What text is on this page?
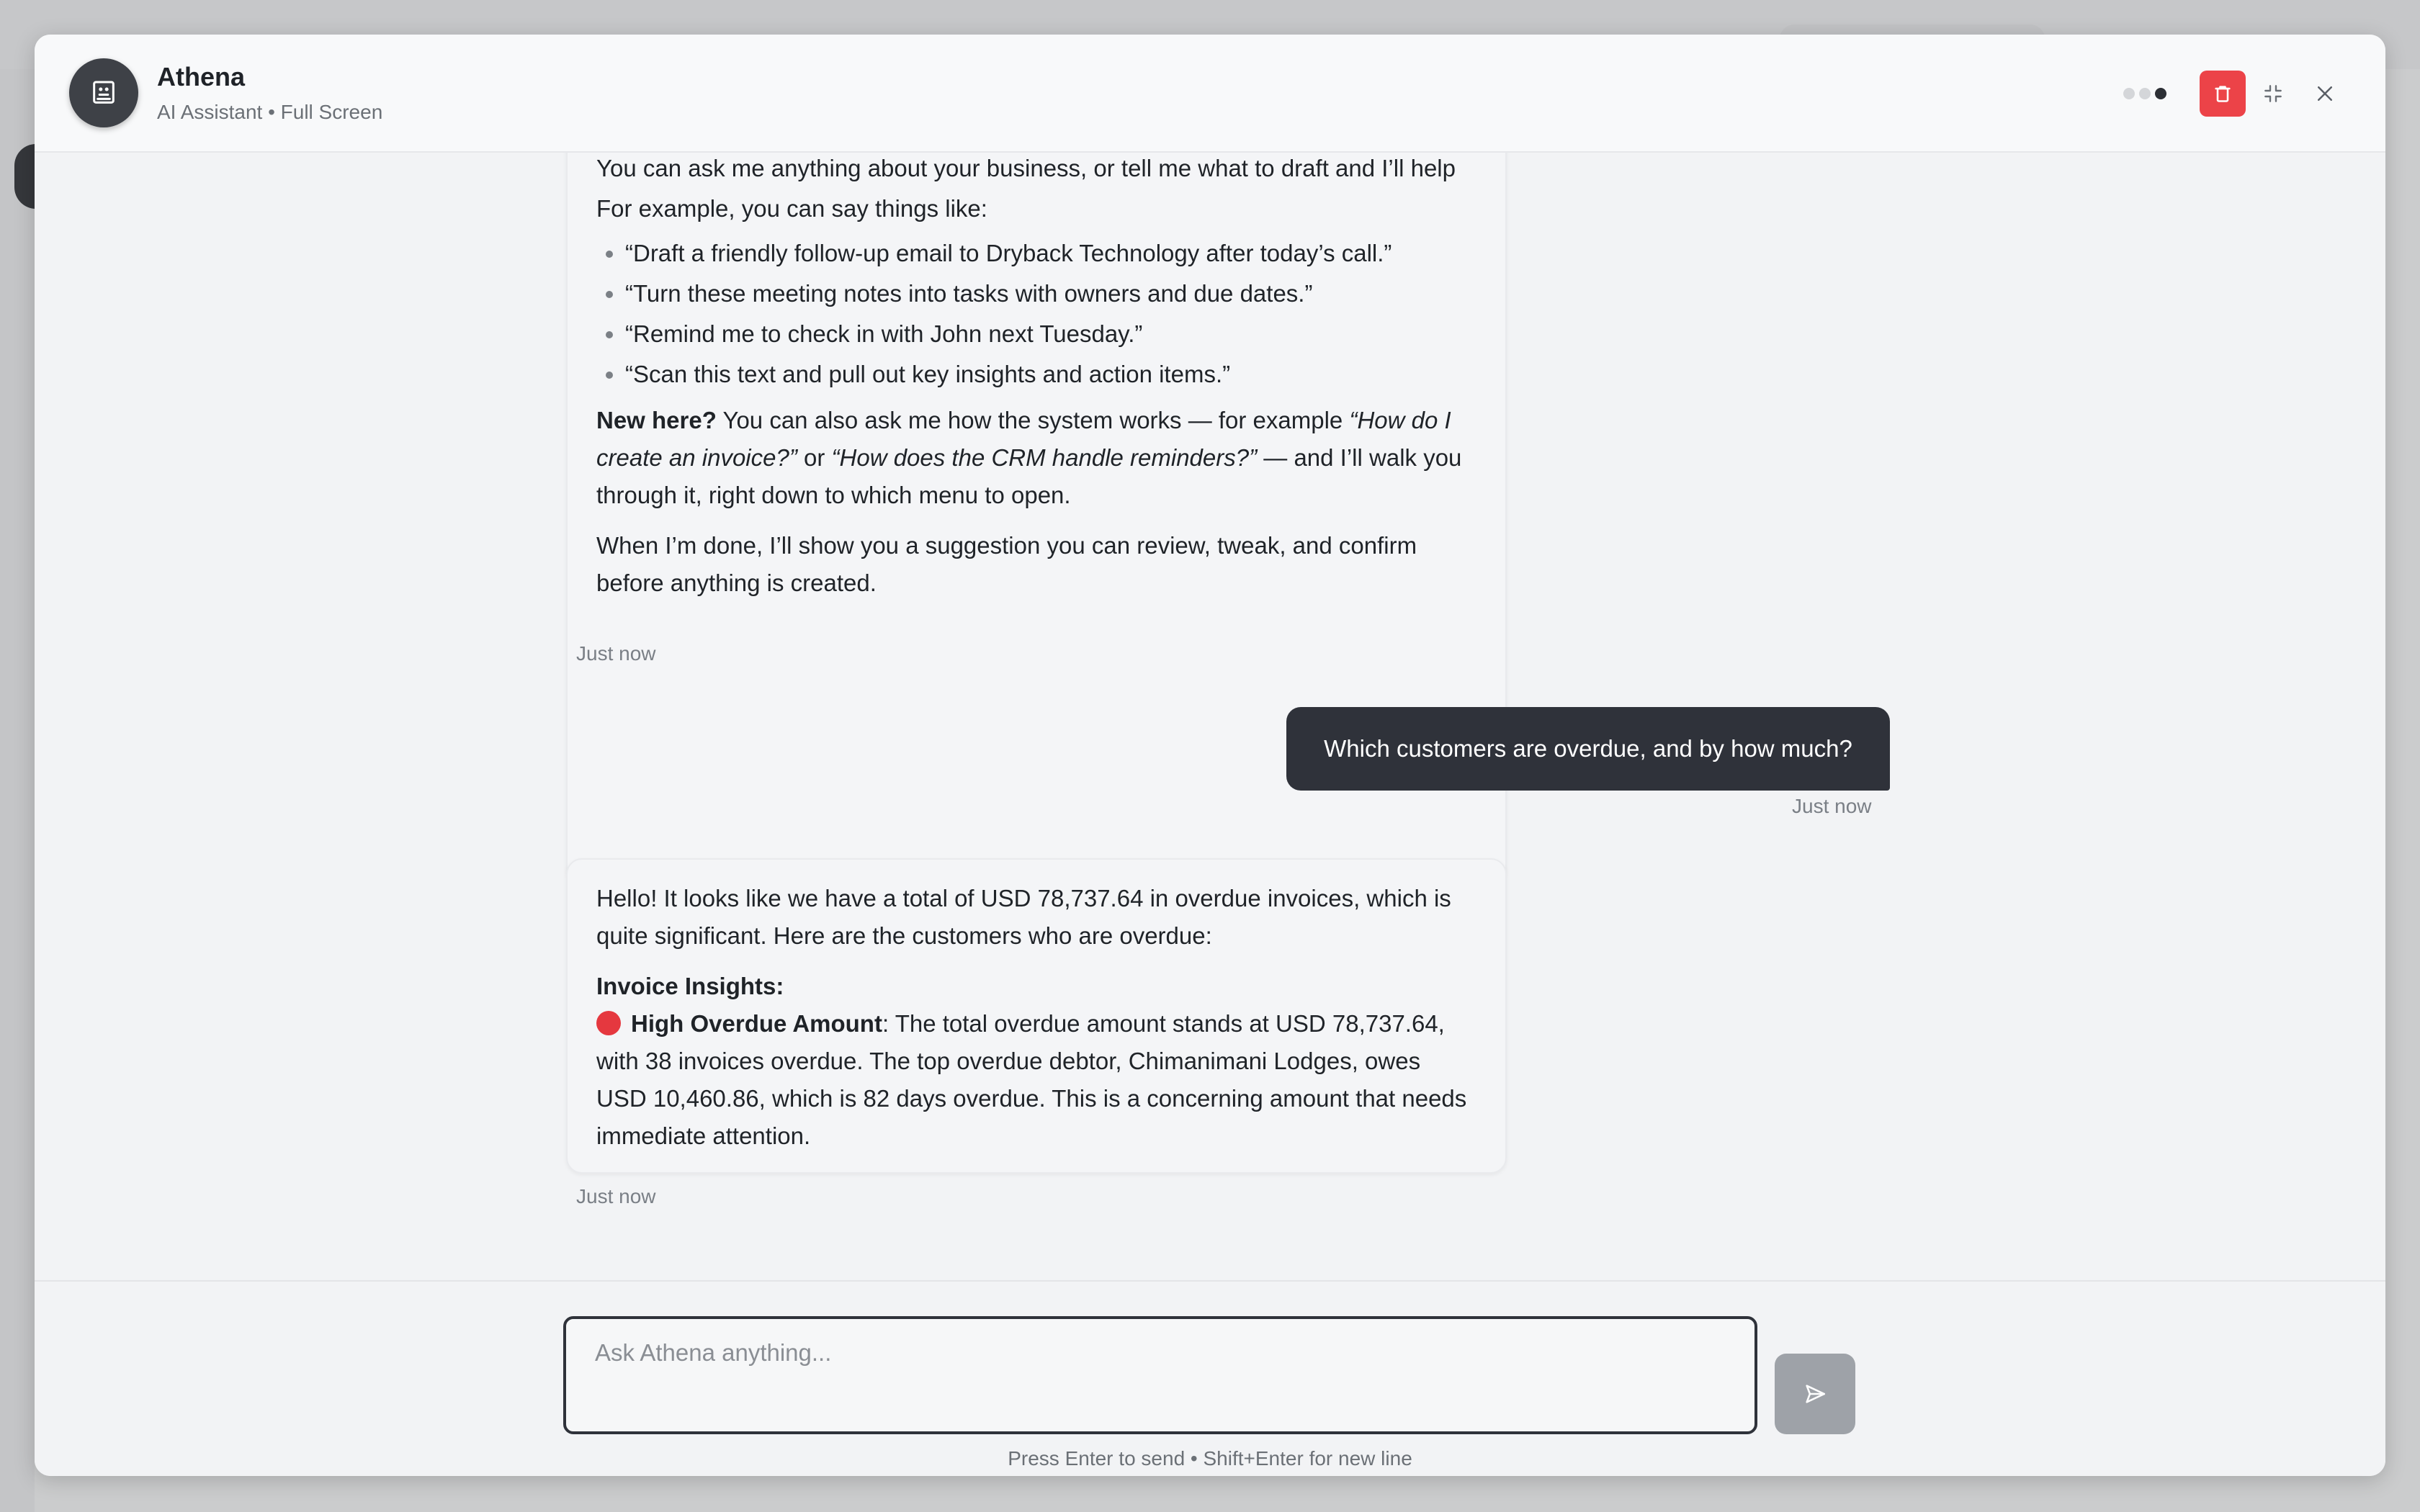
Athena
AI Assistant • Full Screen

You can ask me anything about your business, or tell me what to draft and I’ll help

For example, you can say things like:

• “Draft a friendly follow-up email to Dryback Technology after today’s call.”
• “Turn these meeting notes into tasks with owners and due dates.”
• “Remind me to check in with John next Tuesday.”
• “Scan this text and pull out key insights and action items.”

New here? You can also ask me how the system works — for example “How do I create an invoice?” or “How does the CRM handle reminders?” — and I’ll walk you through it, right down to which menu to open.

When I’m done, I’ll show you a suggestion you can review, tweak, and confirm before anything is created.

Just now
Which customers are overdue, and by how much?
Just now

Hello! It looks like we have a total of USD 78,737.64 in overdue invoices, which is quite significant. Here are the customers who are overdue:

Invoice Insights:

High Overdue Amount: The total overdue amount stands at USD 78,737.64, with 38 invoices overdue. The top overdue debtor, Chimanimani Lodges, owes USD 10,460.86, which is 82 days overdue. This is a concerning amount that needs immediate attention.

Just now
Ask Athena anything...
Press Enter to send • Shift+Enter for new line
